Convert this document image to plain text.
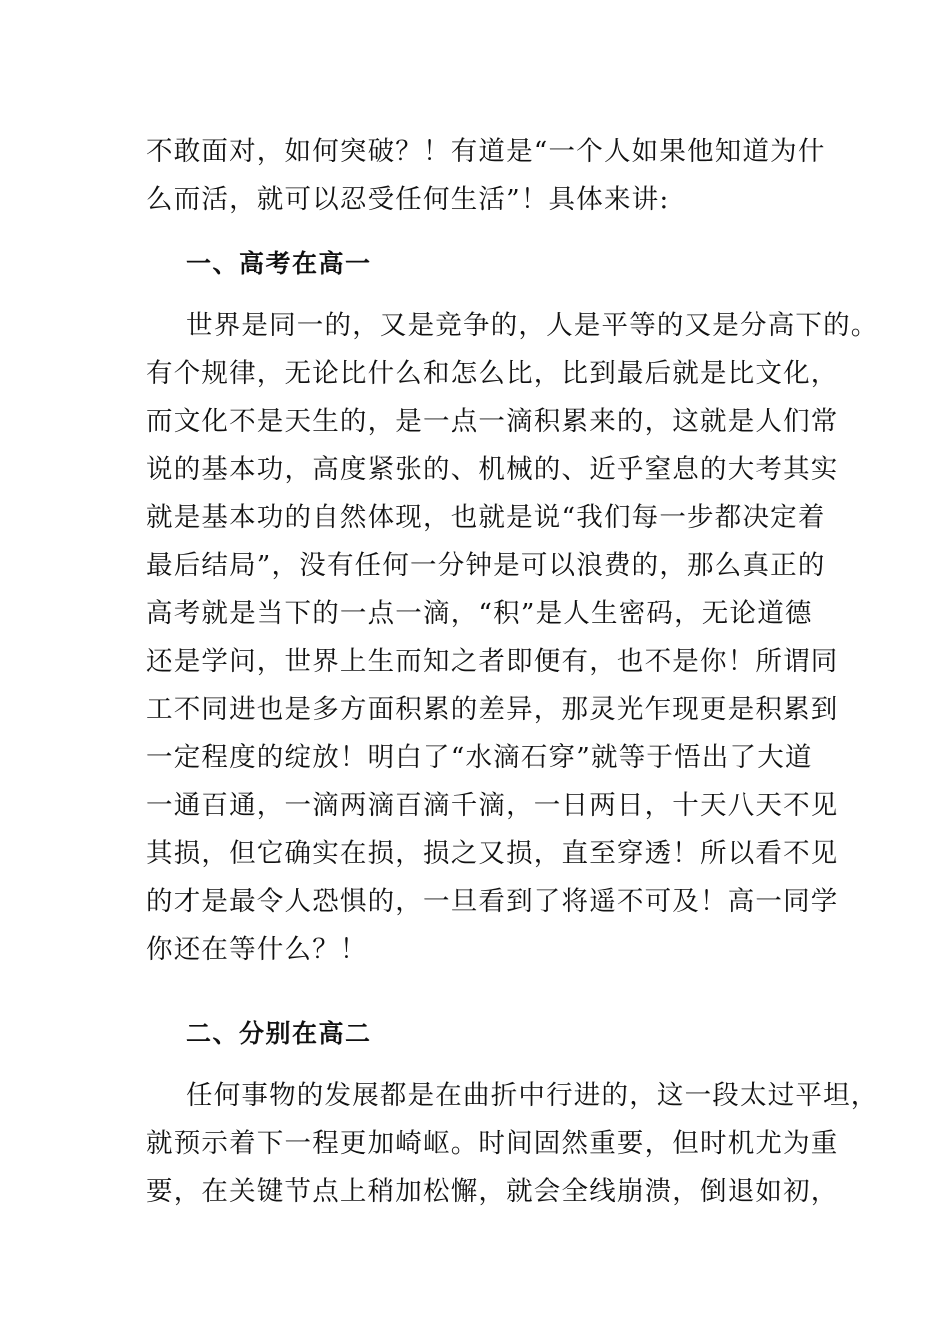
不敢面对，如何突破？！有道是“一个人如果他知道为什
么而活，就可以忍受任何生活”！具体来讲:
一、高考在高一
世界是同一的，又是竞争的，人是平等的又是分高下的。
有个规律，无论比什么和怎么比，比到最后就是比文化，
而文化不是天生的，是一点一滴积累来的，这就是人们常
说的基本功，高度紧张的、机械的、近乎窒息的大考其实
就是基本功的自然体现，也就是说“我们每一步都决定着
最后结局”，没有任何一分钟是可以浪费的，那么真正的
高考就是当下的一点一滴，“积”是人生密码，无论道德
还是学问，世界上生而知之者即便有，也不是你！所谓同
工不同进也是多方面积累的差异，那灵光乍现更是积累到
一定程度的绽放！明白了“水滴石穿”就等于悟出了大道
一通百通，一滴两滴百滴千滴，一日两日，十天八天不见
其损，但它确实在损，损之又损，直至穿透！所以看不见
的才是最令人恐惧的，一旦看到了将遥不可及！高一同学
你还在等什么？！
二、分别在高二
任何事物的发展都是在曲折中行进的，这一段太过平坦，
就预示着下一程更加崎岖。时间固然重要，但时机尤为重
要，在关键节点上稍加松懈，就会全线崩溃，倒退如初，
